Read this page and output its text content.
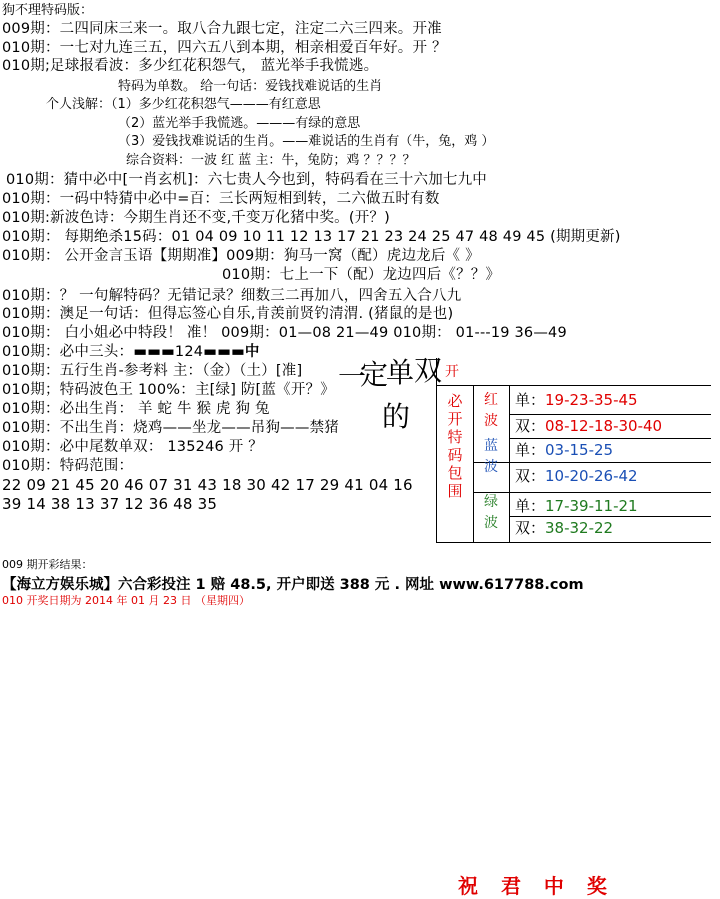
狗不理特码版：
009期：二四同床三来一。取八合九跟七定，注定二六三四来。开准
010期：一七对九连三五，四六五八到本期，相亲相爱百年好。开 ？
010期;足球报看波：多少红花积怨气， 蓝光举手我慌逃。
特码为单数。 给一句话：爱钱找难说话的生肖
个人浅解：（1）多少红花积怨气———有红意思
（2）蓝光举手我慌逃。———有绿的意思
（3）爱钱找难说话的生肖。——难说话的生肖有（牛，兔，鸡 ）
综合资料：一波 红 蓝 主：牛，兔防；鸡 ？？？？
010期：猜中必中[一肖玄机]：六七贵人今也到，特码看在三十六加七九中
010期：一码中特猜中必中=百：三长两短相到转，二六做五时有数
010期:新波色诗：今期生肖还不变,千变万化猪中奖。(开？)
010期： 每期绝杀15码：01 04 09 10 11 12 13 17 21 23 24 25 47 48 49 45 (期期更新)
010期： 公开金言玉语【期期准】009期：狗马一窝（配）虎边龙后《 》
010期：七上一下（配）龙边四后《？？》
010期：？ 一句解特码？无错记录？细数三二再加八，四舍五入合八九
010期：澳足一句话：但得忘签心自乐,肯羡前贤钓清渭. (猪鼠的是也)
010期： 白小姐必中特段！ 准！ 009期：01—08 21—49 010期： 01---19 36—49
010期：必中三头：▬▬▬124▬▬▬中
010期：五行生肖-参考料 主：（金）（土）[准]
010期；特码波色王 100%：主[绿] 防[蓝《开？》
010期：必出生肖： 羊 蛇 牛 猴 虎 狗 兔
010期：不出生肖：烧鸡——坐龙——吊狗——禁猪
010期：必中尾数单双： 135246 开 ？
010期：特码范围：
22 09 21 45 20 46 07 31 43 18 30 42 17 29 41 04 16
39 14 38 13 37 12 36 48 35
一
定
单 双
的
开
必
开
特
码
包
围
红波
蓝波
绿波
单：19-23-35-45
双：08-12-18-30-40
单：03-15-25
双：10-20-26-42
单：17-39-11-21
双：38-32-22
009 期开彩结果：
【海立方娱乐城】六合彩投注 1 赔 48.5, 开户即送 388 元 . 网址 www.617788.com
010 开奖日期为 2014 年 01 月 23 日 （星期四）
祝 君 中 奖
